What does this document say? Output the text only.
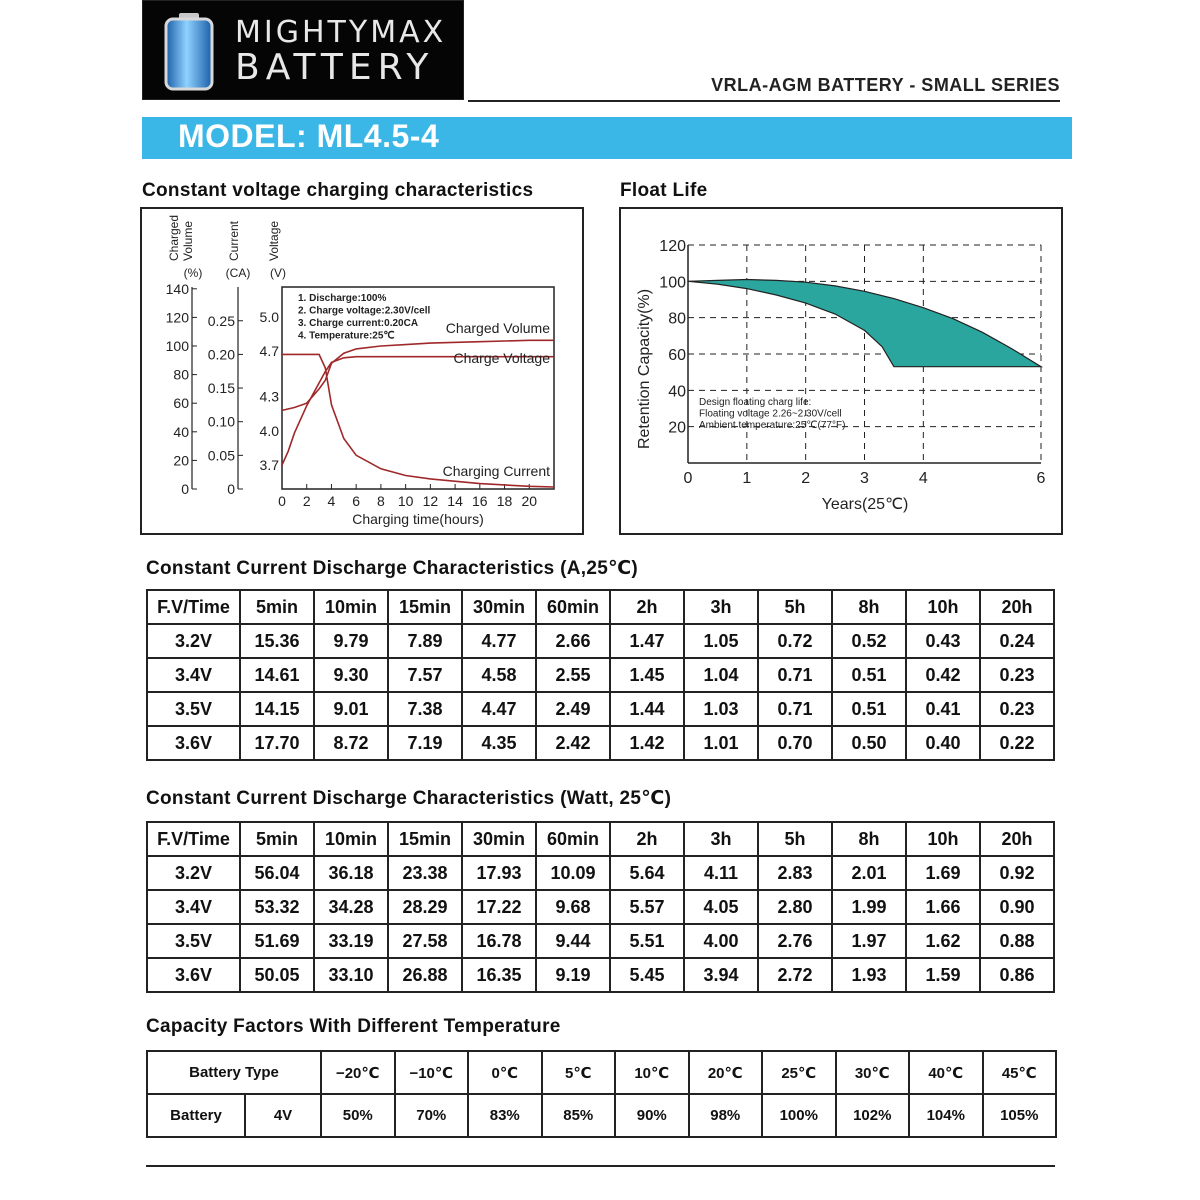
MIGHTYMAX
BATTERY	VRLA-AGM BATTERY - SMALL SERIES
MODEL: ML4.5-4
Constant voltage charging characteristics
Charged Volume
(%)
Current
(CA)
Voltage
(V)
0
20
40
60
80
100
120
140
0
0.05
0.10
0.15
0.20
0.25
3.7
4.0
4.3
4.7
5.0
0 2 4 6 8 10 12 14 16 18 20
1. Discharge:100%
2. Charge voltage:2.30V/cell
3. Charge current:0.20CA
4. Temperature:25℃	Charged Volume
Charge Voltage
Charging Current
Charging time(hours)
Float Life
20
40
60
80
100
120
0	1	2	3	4	6
Design floating charg life:
Floating voltage 2.26~2.30V/cell
Ambient temperature:25℃(77°F)
Retention Capacity(%)
Years(25℃)
Constant Current Discharge Characteristics (A,25℃)
F.V/Time	5min	10min	15min	30min	60min	2h	3h	5h	8h	10h	20h
3.2V	15.36	9.79	7.89	4.77	2.66	1.47	1.05	0.72	0.52	0.43	0.24
3.4V	14.61	9.30	7.57	4.58	2.55	1.45	1.04	0.71	0.51	0.42	0.23
3.5V	14.15	9.01	7.38	4.47	2.49	1.44	1.03	0.71	0.51	0.41	0.23
3.6V	17.70	8.72	7.19	4.35	2.42	1.42	1.01	0.70	0.50	0.40	0.22
Constant Current Discharge Characteristics (Watt, 25℃)
F.V/Time	5min	10min	15min	30min	60min	2h	3h	5h	8h	10h	20h
3.2V	56.04	36.18	23.38	17.93	10.09	5.64	4.11	2.83	2.01	1.69	0.92
3.4V	53.32	34.28	28.29	17.22	9.68	5.57	4.05	2.80	1.99	1.66	0.90
3.5V	51.69	33.19	27.58	16.78	9.44	5.51	4.00	2.76	1.97	1.62	0.88
3.6V	50.05	33.10	26.88	16.35	9.19	5.45	3.94	2.72	1.93	1.59	0.86
Capacity Factors With Different Temperature
Battery Type		−20℃	−10℃	0℃	5℃	10℃	20℃	25℃	30℃	40℃	45℃
Battery	4V	50%	70%	83%	85%	90%	98%	100%	102%	104%	105%
